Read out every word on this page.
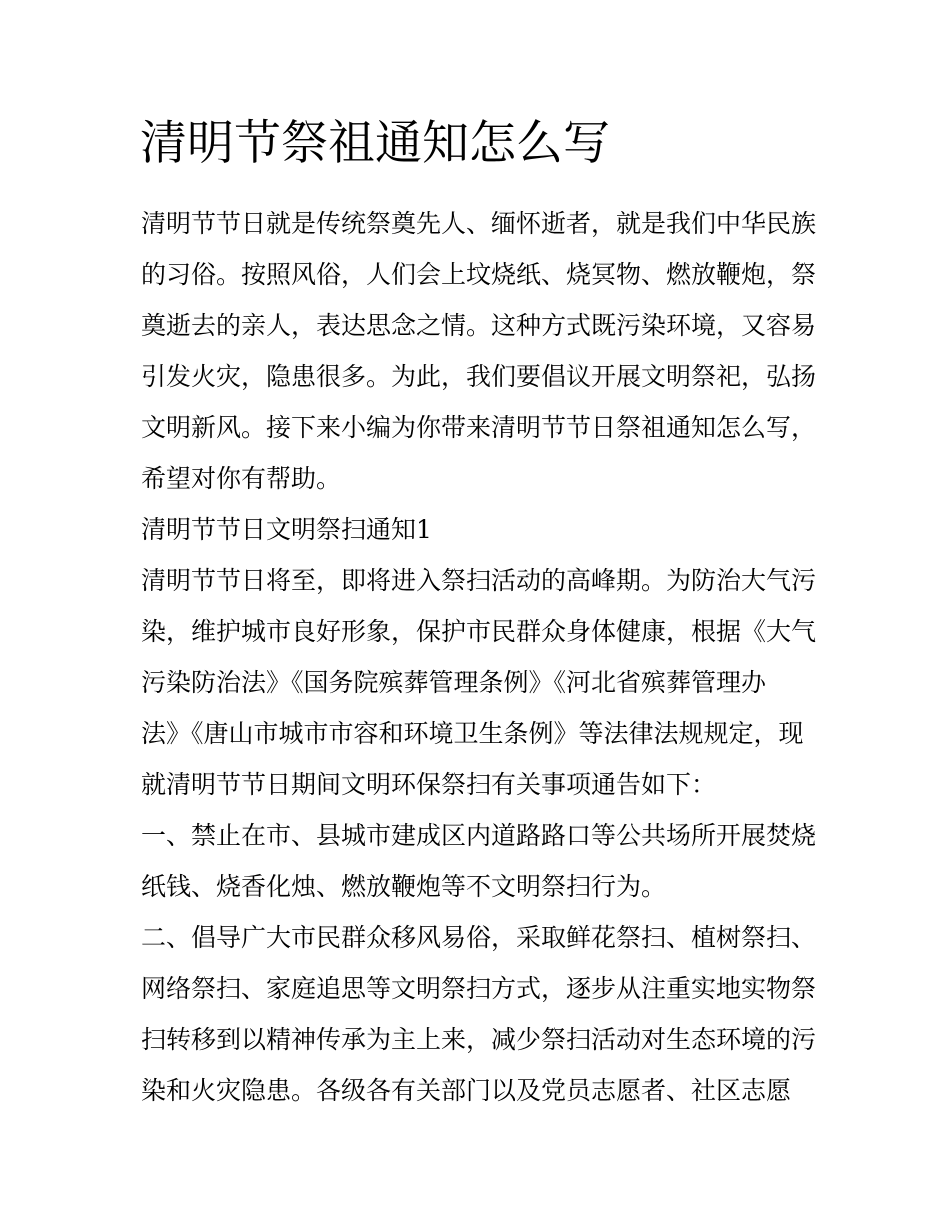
清明节祭祖通知怎么写
清明节节日就是传统祭奠先人、缅怀逝者，就是我们中华民族
的习俗。按照风俗，人们会上坟烧纸、烧冥物、燃放鞭炮，祭
奠逝去的亲人，表达思念之情。这种方式既污染环境，又容易
引发火灾，隐患很多。为此，我们要倡议开展文明祭祀，弘扬
文明新风。接下来小编为你带来清明节节日祭祖通知怎么写，
希望对你有帮助。
清明节节日文明祭扫通知1
清明节节日将至，即将进入祭扫活动的高峰期。为防治大气污
染，维护城市良好形象，保护市民群众身体健康，根据《大气
污染防治法》《国务院殡葬管理条例》《河北省殡葬管理办
法》《唐山市城市市容和环境卫生条例》等法律法规规定，现
就清明节节日期间文明环保祭扫有关事项通告如下：
一、禁止在市、县城市建成区内道路路口等公共场所开展焚烧
纸钱、烧香化烛、燃放鞭炮等不文明祭扫行为。
二、倡导广大市民群众移风易俗，采取鲜花祭扫、植树祭扫、
网络祭扫、家庭追思等文明祭扫方式，逐步从注重实地实物祭
扫转移到以精神传承为主上来，减少祭扫活动对生态环境的污
染和火灾隐患。各级各有关部门以及党员志愿者、社区志愿
